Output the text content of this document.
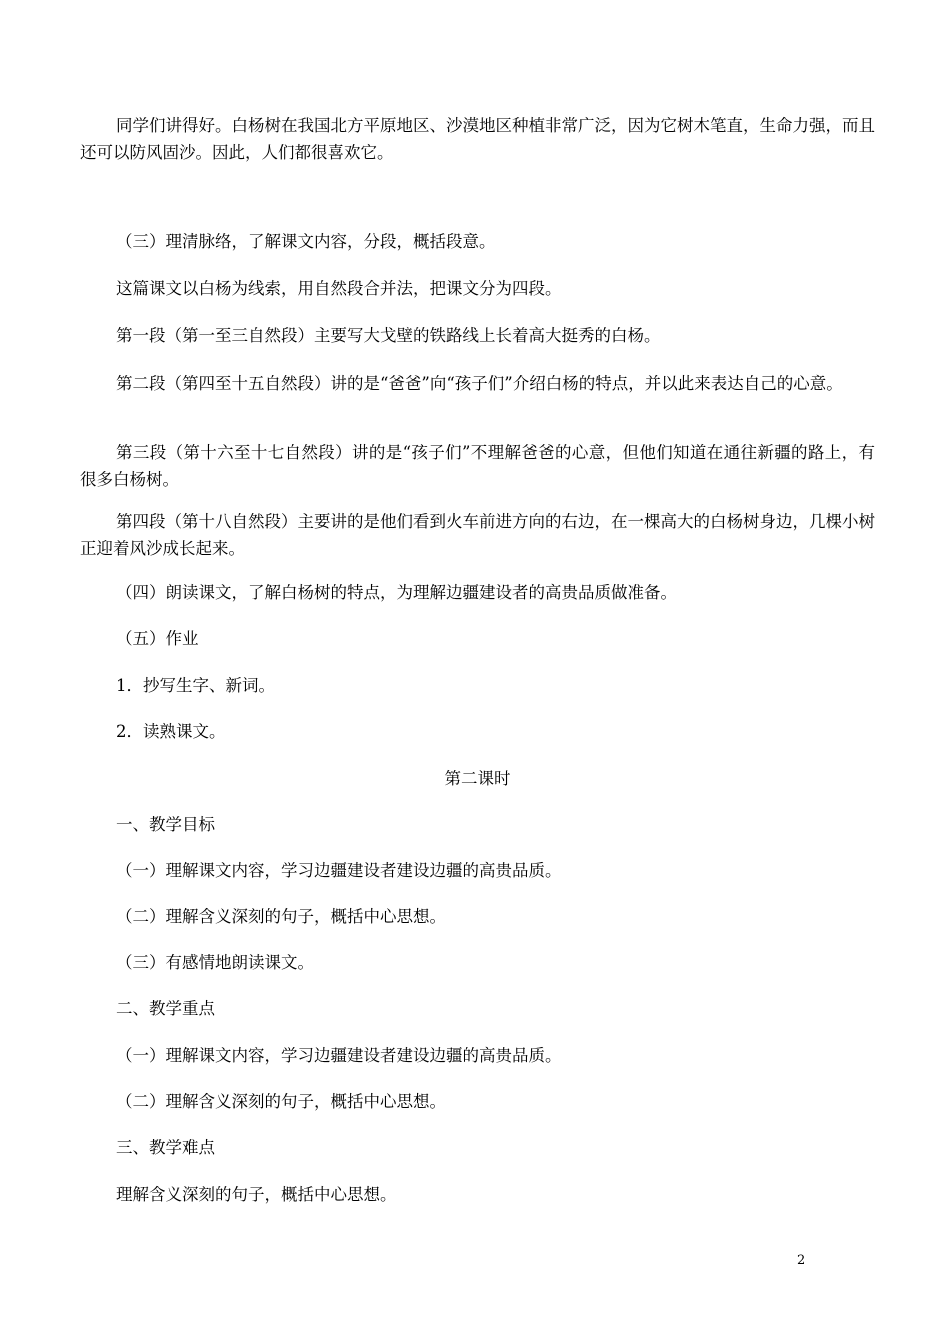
同学们讲得好。白杨树在我国北方平原地区、沙漠地区种植非常广泛，因为它树木笔直，生命力强，而且还可以防风固沙。因此，人们都很喜欢它。

（三）理清脉络，了解课文内容，分段，概括段意。

这篇课文以白杨为线索，用自然段合并法，把课文分为四段。

第一段（第一至三自然段）主要写大戈壁的铁路线上长着高大挺秀的白杨。

第二段（第四至十五自然段）讲的是“爸爸”向“孩子们”介绍白杨的特点，并以此来表达自己的心意。

第三段（第十六至十七自然段）讲的是“孩子们”不理解爸爸的心意，但他们知道在通往新疆的路上，有很多白杨树。

第四段（第十八自然段）主要讲的是他们看到火车前进方向的右边，在一棵高大的白杨树身边，几棵小树正迎着风沙成长起来。

（四）朗读课文，了解白杨树的特点，为理解边疆建设者的高贵品质做准备。

（五）作业

1．抄写生字、新词。

2．读熟课文。

第二课时

一、教学目标

（一）理解课文内容，学习边疆建设者建设边疆的高贵品质。

（二）理解含义深刻的句子，概括中心思想。

（三）有感情地朗读课文。

二、教学重点

（一）理解课文内容，学习边疆建设者建设边疆的高贵品质。

（二）理解含义深刻的句子，概括中心思想。

三、教学难点

理解含义深刻的句子，概括中心思想。

2
